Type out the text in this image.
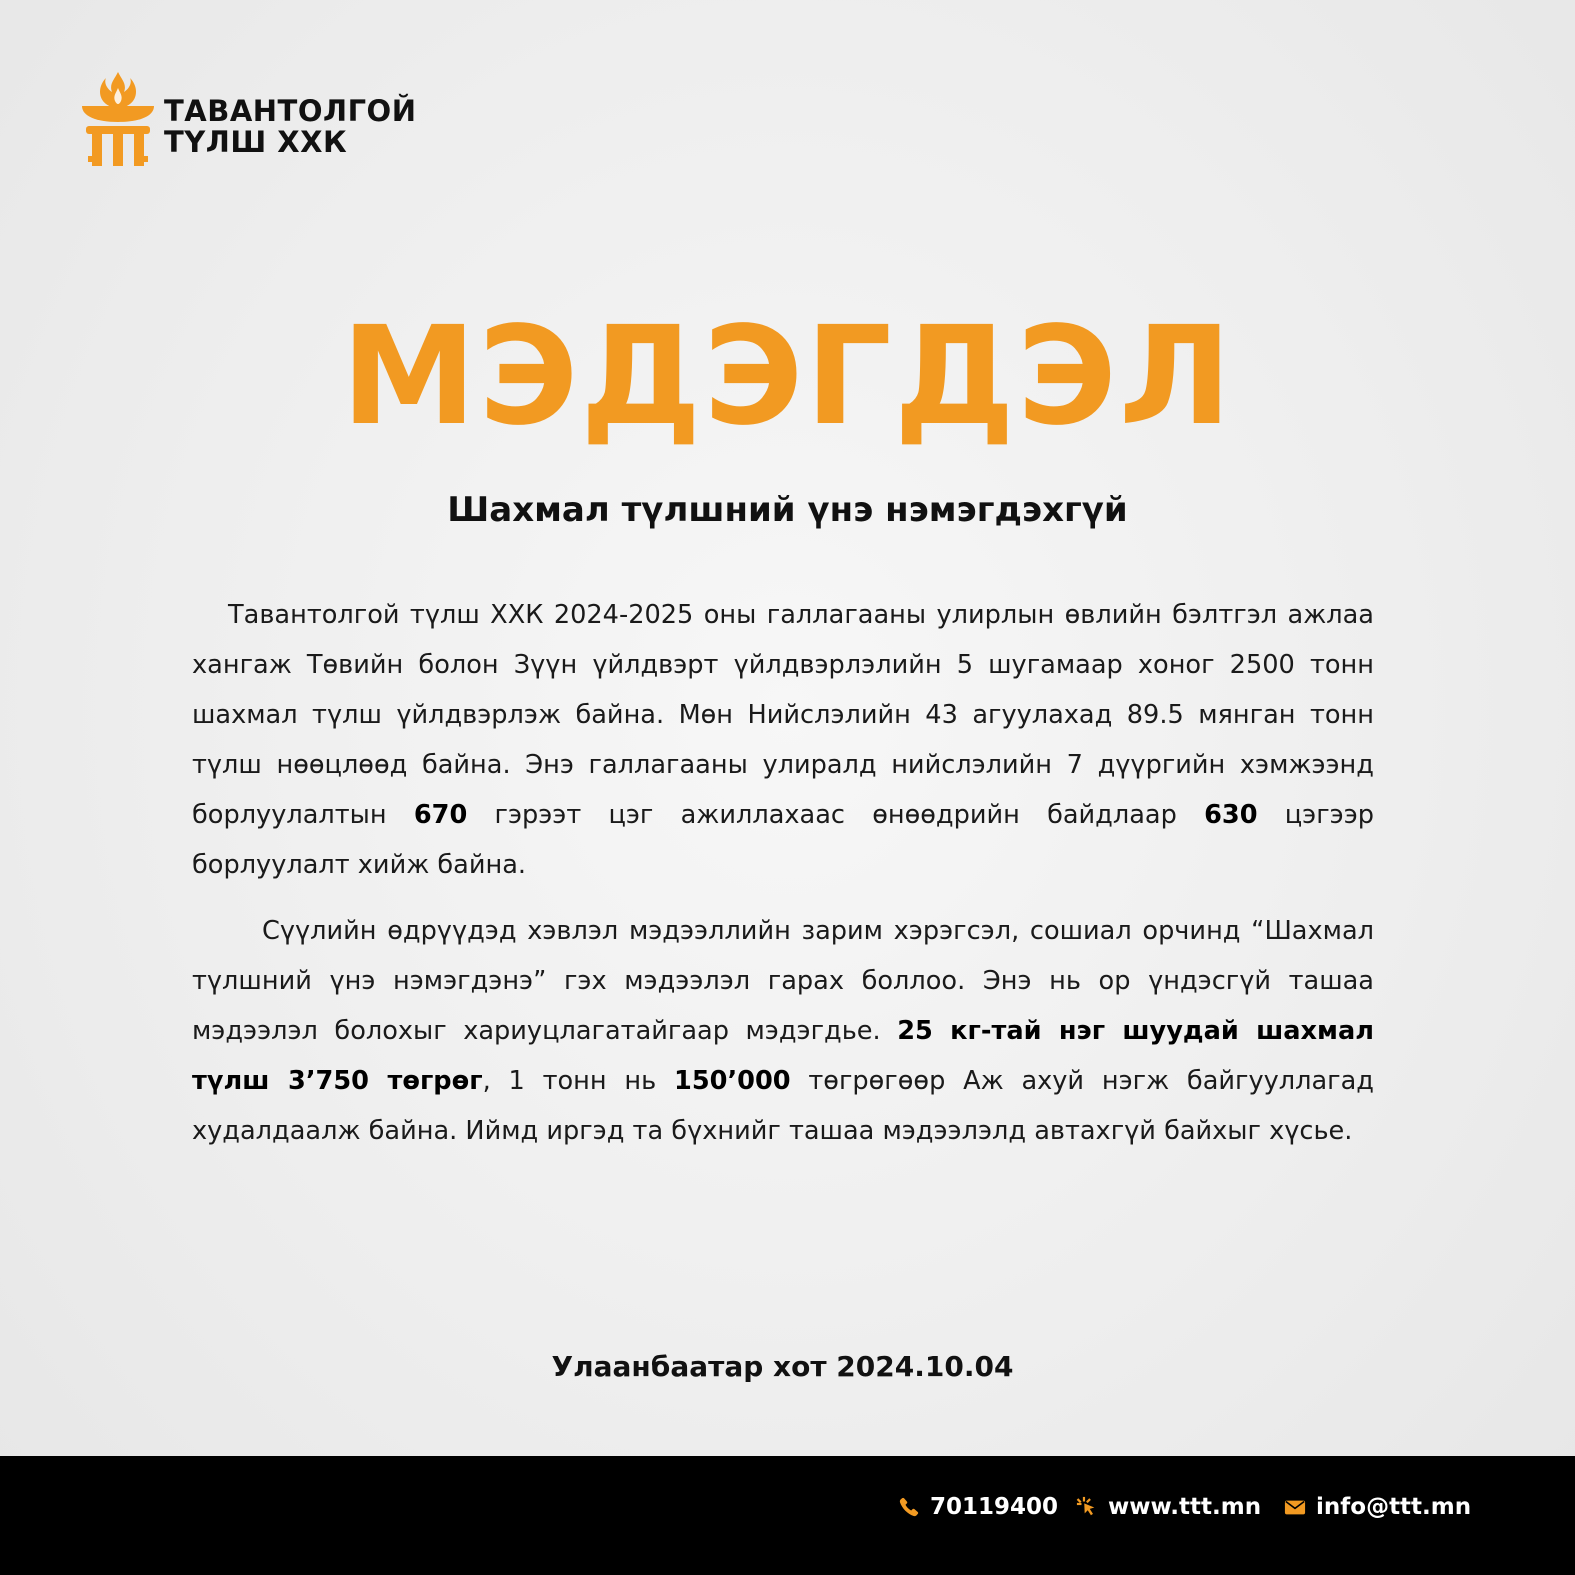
ТАВАНТОЛГОЙ
ТҮЛШ ХХК
МЭДЭГДЭЛ
Шахмал түлшний үнэ нэмэгдэхгүй

Тавантолгой түлш ХХК 2024-2025 оны галлагааны улирлын өвлийн бэлтгэл ажлаа хангаж Төвийн болон Зүүн үйлдвэрт үйлдвэрлэлийн 5 шугамаар хоног 2500 тонн шахмал түлш үйлдвэрлэж байна. Мөн Нийслэлийн 43 агуулахад 89.5 мянган тонн түлш нөөцлөөд байна. Энэ галлагааны улиралд нийслэлийн 7 дүүргийн хэмжээнд борлуулалтын 670 гэрээт цэг ажиллахаас өнөөдрийн байдлаар 630 цэгээр борлуулалт хийж байна.

Сүүлийн өдрүүдэд хэвлэл мэдээллийн зарим хэрэгсэл, сошиал орчинд “Шахмал түлшний үнэ нэмэгдэнэ” гэх мэдээлэл гарах боллоо. Энэ нь ор үндэсгүй ташаа мэдээлэл болохыг хариуцлагатайгаар мэдэгдье. 25 кг-тай нэг шуудай шахмал түлш 3’750 төгрөг, 1 тонн нь 150’000 төгрөгөөр Аж ахуй нэгж байгууллагад худалдаалж байна. Иймд иргэд та бүхнийг ташаа мэдээлэлд автахгүй байхыг хүсье.

Улаанбаатар хот 2024.10.04
70119400 www.ttt.mn info@ttt.mn
